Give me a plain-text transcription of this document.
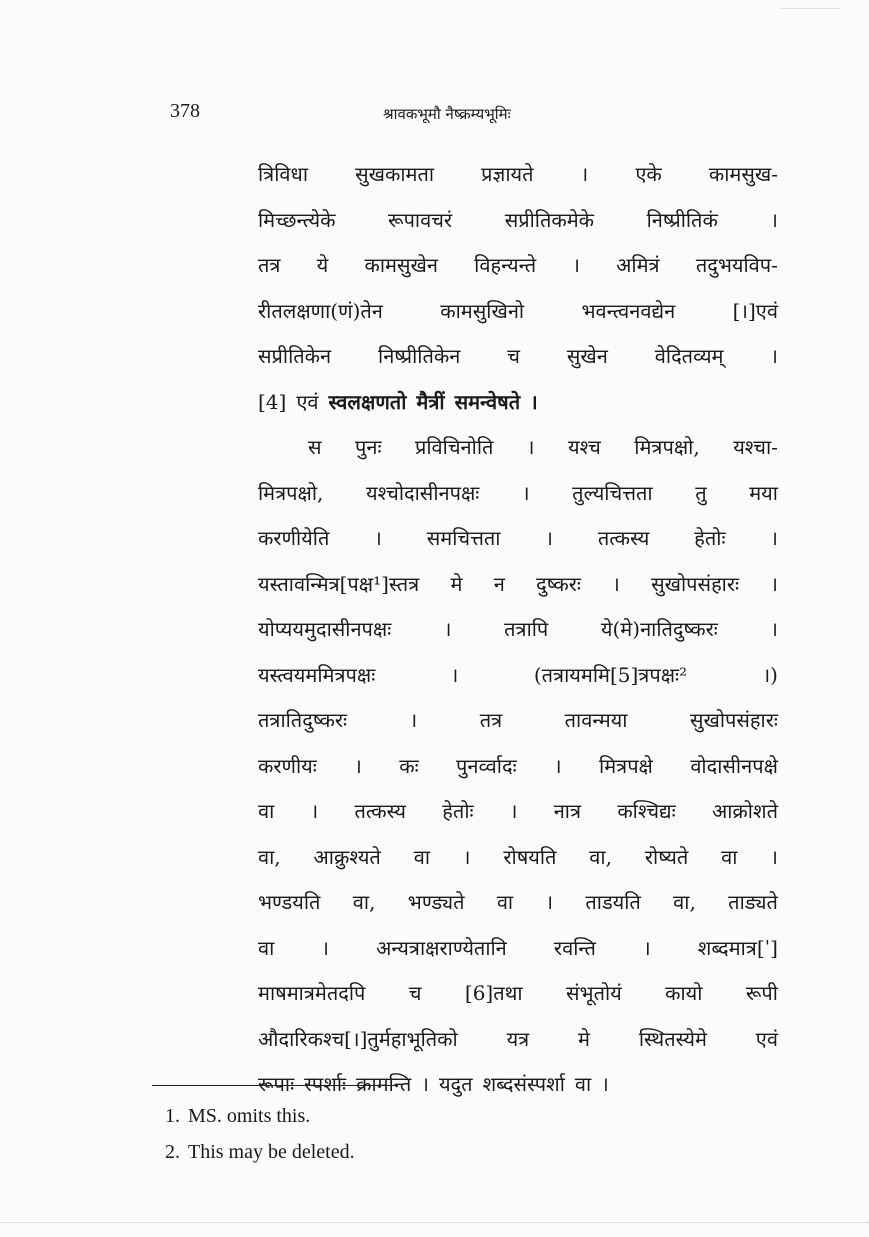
378	श्रावकभूमौ नैष्क्रम्यभूमिः
त्रिविधा सुखकामता प्रज्ञायते । एके कामसुख-
मिच्छन्त्येके	रूपावचरं	सप्रीतिकमेके	निष्प्रीतिकं	।
तत्र ये कामसुखेन विहन्यन्ते । अमित्रं तदुभयविप-
रीतलक्षणा(णं)तेन	कामसुखिनो	भवन्त्वनवद्येन	[।]एवं
सप्रीतिकेन निष्प्रीतिकेन च सुखेन वेदितव्यम् ।
[4] एवं स्वलक्षणतो मैत्रीं समन्वेषते ।
स पुनः प्रविचिनोति । यश्च मित्रपक्षो, यश्चा-
मित्रपक्षो, यश्चोदासीनपक्षः । तुल्यचित्तता तु मया
करणीयेति । समचित्तता । तत्कस्य हेतोः ।
यस्तावन्मित्र[पक्ष¹]स्तत्र मे न दुष्करः । सुखोपसंहारः ।
योप्ययमुदासीनपक्षः	।	तत्रापि	ये(मे)नातिदुष्करः	।
यस्त्वयममित्रपक्षः	।	(तत्रायममि[5]त्रपक्षः²	।)
तत्रातिदुष्करः	।	तत्र	तावन्मया	सुखोपसंहारः
करणीयः । कः पुनर्व्वादः । मित्रपक्षे वोदासीनपक्षे
वा । तत्कस्य हेतोः । नात्र कश्चिद्यः आक्रोशते
वा, आक्रुश्यते वा । रोषयति वा, रोष्यते वा ।
भण्डयति वा, भण्ड्यते वा । ताडयति वा, ताड्यते
वा । अन्यत्राक्षराण्येतानि रवन्ति । शब्दमात्र[ˈ]
माषमात्रमेतदपि च [6]तथा संभूतोयं कायो रूपी
औदारिकश्च[।]तुर्महाभूतिको यत्र मे स्थितस्येमे एवं
रूपाः स्पर्शाः क्रामन्ति । यदुत शब्दसंस्पर्शा वा ।
1. MS. omits this.
2. This may be deleted.
